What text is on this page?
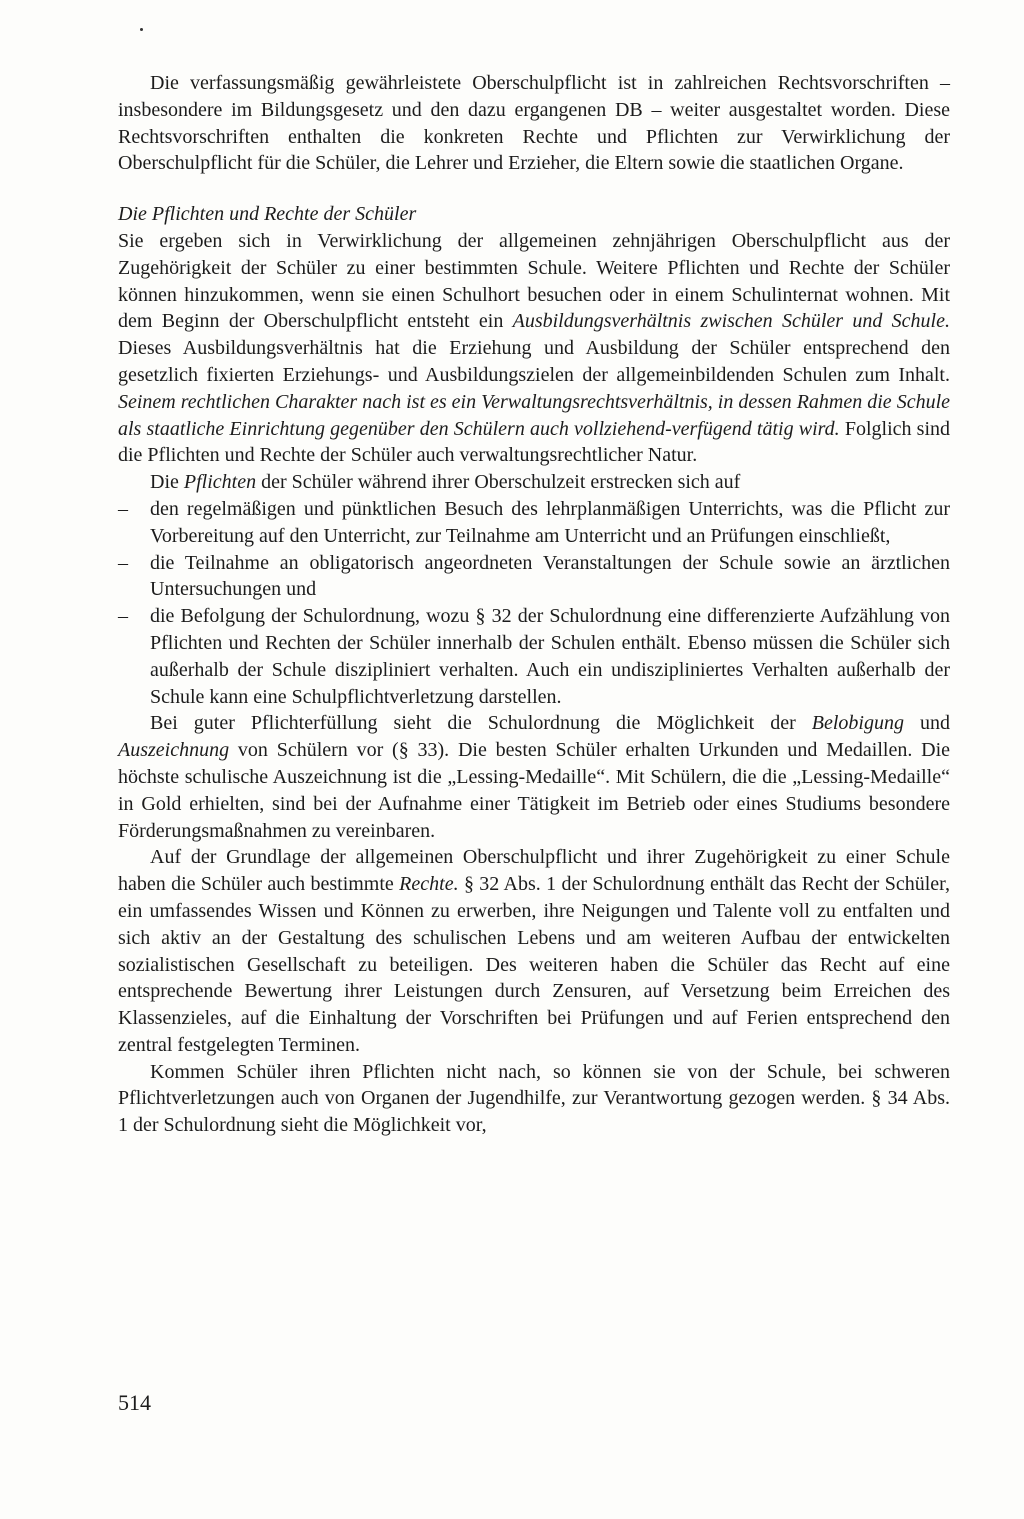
Die verfassungsmäßig gewährleistete Oberschulpflicht ist in zahlreichen Rechtsvorschriften – insbesondere im Bildungsgesetz und den dazu ergangenen DB – weiter ausgestaltet worden. Diese Rechtsvorschriften enthalten die konkreten Rechte und Pflichten zur Verwirklichung der Oberschulpflicht für die Schüler, die Lehrer und Erzieher, die Eltern sowie die staatlichen Organe.

Die Pflichten und Rechte der Schüler

Sie ergeben sich in Verwirklichung der allgemeinen zehnjährigen Oberschulpflicht aus der Zugehörigkeit der Schüler zu einer bestimmten Schule. Weitere Pflichten und Rechte der Schüler können hinzukommen, wenn sie einen Schulhort besuchen oder in einem Schulinternat wohnen. Mit dem Beginn der Oberschulpflicht entsteht ein Ausbildungsverhältnis zwischen Schüler und Schule. Dieses Ausbildungsverhältnis hat die Erziehung und Ausbildung der Schüler entsprechend den gesetzlich fixierten Erziehungs- und Ausbildungszielen der allgemeinbildenden Schulen zum Inhalt. Seinem rechtlichen Charakter nach ist es ein Verwaltungsrechtsverhältnis, in dessen Rahmen die Schule als staatliche Einrichtung gegenüber den Schülern auch vollziehend-verfügend tätig wird. Folglich sind die Pflichten und Rechte der Schüler auch verwaltungsrechtlicher Natur.

Die Pflichten der Schüler während ihrer Oberschulzeit erstrecken sich auf

– den regelmäßigen und pünktlichen Besuch des lehrplanmäßigen Unterrichts, was die Pflicht zur Vorbereitung auf den Unterricht, zur Teilnahme am Unterricht und an Prüfungen einschließt,
– die Teilnahme an obligatorisch angeordneten Veranstaltungen der Schule sowie an ärztlichen Untersuchungen und
– die Befolgung der Schulordnung, wozu § 32 der Schulordnung eine differenzierte Aufzählung von Pflichten und Rechten der Schüler innerhalb der Schulen enthält. Ebenso müssen die Schüler sich außerhalb der Schule diszipliniert verhalten. Auch ein undiszipliniertes Verhalten außerhalb der Schule kann eine Schulpflichtverletzung darstellen.

Bei guter Pflichterfüllung sieht die Schulordnung die Möglichkeit der Belobigung und Auszeichnung von Schülern vor (§ 33). Die besten Schüler erhalten Urkunden und Medaillen. Die höchste schulische Auszeichnung ist die „Lessing-Medaille“. Mit Schülern, die die „Lessing-Medaille“ in Gold erhielten, sind bei der Aufnahme einer Tätigkeit im Betrieb oder eines Studiums besondere Förderungsmaßnahmen zu vereinbaren.

Auf der Grundlage der allgemeinen Oberschulpflicht und ihrer Zugehörigkeit zu einer Schule haben die Schüler auch bestimmte Rechte. § 32 Abs. 1 der Schulordnung enthält das Recht der Schüler, ein umfassendes Wissen und Können zu erwerben, ihre Neigungen und Talente voll zu entfalten und sich aktiv an der Gestaltung des schulischen Lebens und am weiteren Aufbau der entwickelten sozialistischen Gesellschaft zu beteiligen. Des weiteren haben die Schüler das Recht auf eine entsprechende Bewertung ihrer Leistungen durch Zensuren, auf Versetzung beim Erreichen des Klassenzieles, auf die Einhaltung der Vorschriften bei Prüfungen und auf Ferien entsprechend den zentral festgelegten Terminen.

Kommen Schüler ihren Pflichten nicht nach, so können sie von der Schule, bei schweren Pflichtverletzungen auch von Organen der Jugendhilfe, zur Verantwortung gezogen werden. § 34 Abs. 1 der Schulordnung sieht die Möglichkeit vor,

514
